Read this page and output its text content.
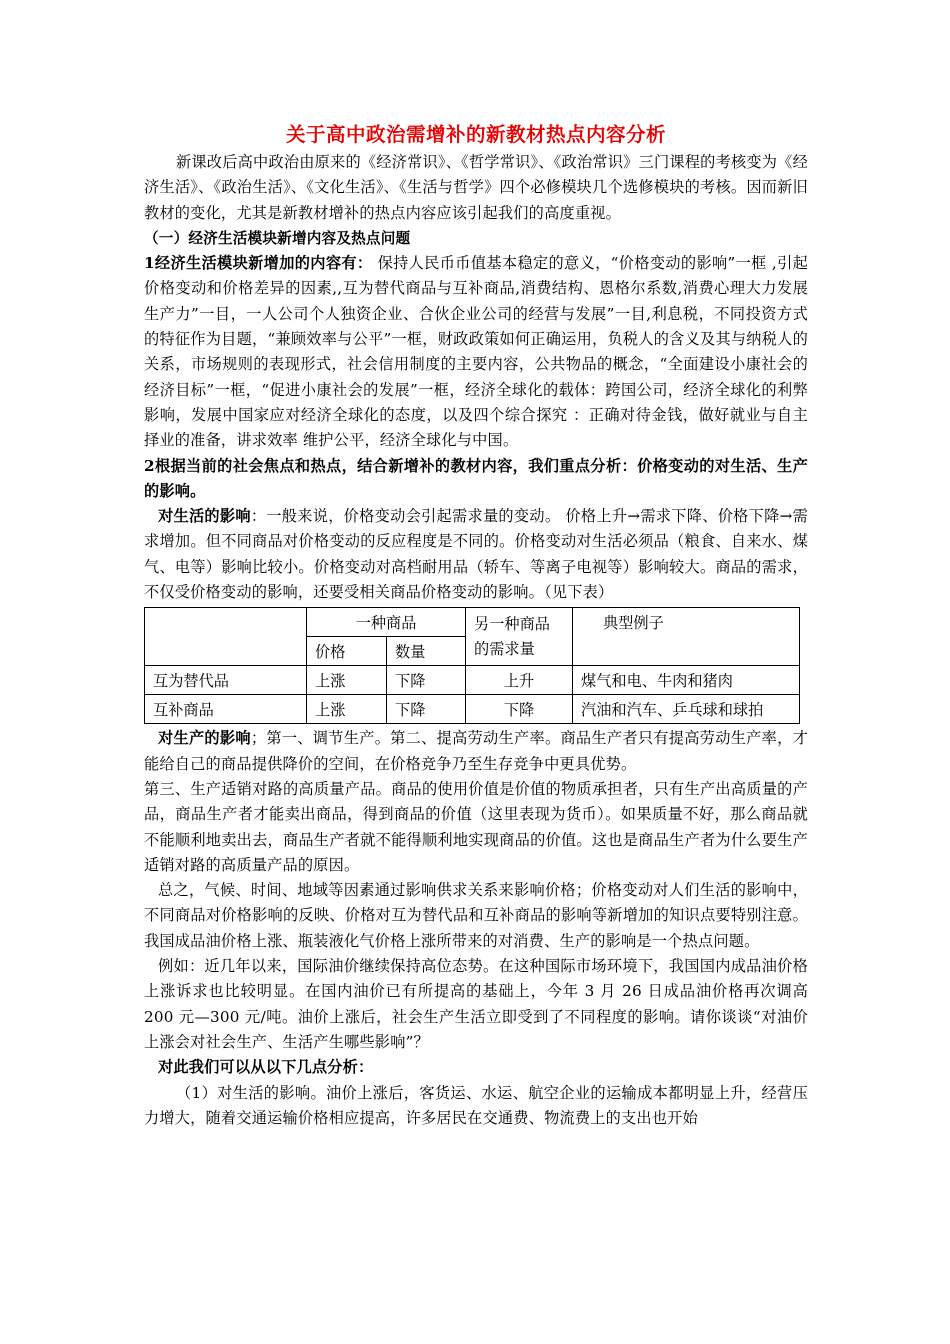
关于高中政治需增补的新教材热点内容分析

新课改后高中政治由原来的《经济常识》、《哲学常识》、《政治常识》三门课程的考核变为《经济生活》、《政治生活》、《文化生活》、《生活与哲学》四个必修模块几个选修模块的考核。因而新旧教材的变化，尤其是新教材增补的热点内容应该引起我们的高度重视。

（一）经济生活模块新增内容及热点问题

1经济生活模块新增加的内容有： 保持人民币币值基本稳定的意义，“价格变动的影响”一框 ,引起价格变动和价格差异的因素,,互为替代商品与互补商品,消费结构、恩格尔系数,消费心理大力发展生产力”一目，一人公司个人独资企业、合伙企业公司的经营与发展”一目,利息税，不同投资方式的特征作为目题，“兼顾效率与公平”一框，财政政策如何正确运用，负税人的含义及其与纳税人的关系，市场规则的表现形式，社会信用制度的主要内容，公共物品的概念，“全面建设小康社会的经济目标”一框，“促进小康社会的发展”一框，经济全球化的载体：跨国公司，经济全球化的利弊影响，发展中国家应对经济全球化的态度，以及四个综合探究 ：正确对待金钱，做好就业与自主择业的准备，讲求效率 维护公平，经济全球化与中国。

2根据当前的社会焦点和热点，结合新增补的教材内容，我们重点分析：价格变动的对生活、生产的影响。

对生活的影响：一般来说，价格变动会引起需求量的变动。 价格上升→需求下降、价格下降→需求增加。但不同商品对价格变动的反应程度是不同的。价格变动对生活必须品（粮食、自来水、煤气、电等）影响比较小。价格变动对高档耐用品（轿车、等离子电视等）影响较大。商品的需求，不仅受价格变动的影响，还要受相关商品价格变动的影响。（见下表）

	一种商品		另一种商品的需求量	典型例子
	价格	数量		
互为替代品	上涨	下降	上升	煤气和电、牛肉和猪肉
互补商品	上涨	下降	下降	汽油和汽车、乒乓球和球拍

对生产的影响；第一、调节生产。第二、提高劳动生产率。商品生产者只有提高劳动生产率，才能给自己的商品提供降价的空间，在价格竞争乃至生存竞争中更具优势。

第三、生产适销对路的高质量产品。商品的使用价值是价值的物质承担者，只有生产出高质量的产品，商品生产者才能卖出商品，得到商品的价值（这里表现为货币）。如果质量不好，那么商品就不能顺利地卖出去，商品生产者就不能得顺利地实现商品的价值。这也是商品生产者为什么要生产适销对路的高质量产品的原因。

总之，气候、时间、地域等因素通过影响供求关系来影响价格；价格变动对人们生活的影响中，不同商品对价格影响的反映、价格对互为替代品和互补商品的影响等新增加的知识点要特别注意。我国成品油价格上涨、瓶装液化气价格上涨所带来的对消费、生产的影响是一个热点问题。

例如：近几年以来，国际油价继续保持高位态势。在这种国际市场环境下，我国国内成品油价格上涨诉求也比较明显。在国内油价已有所提高的基础上，今年 3 月 26 日成品油价格再次调高 200 元—300 元/吨。油价上涨后，社会生产生活立即受到了不同程度的影响。请你谈谈“对油价上涨会对社会生产、生活产生哪些影响”？

对此我们可以从以下几点分析：

（1）对生活的影响。油价上涨后，客货运、水运、航空企业的运输成本都明显上升，经营压力增大，随着交通运输价格相应提高，许多居民在交通费、物流费上的支出也开始
